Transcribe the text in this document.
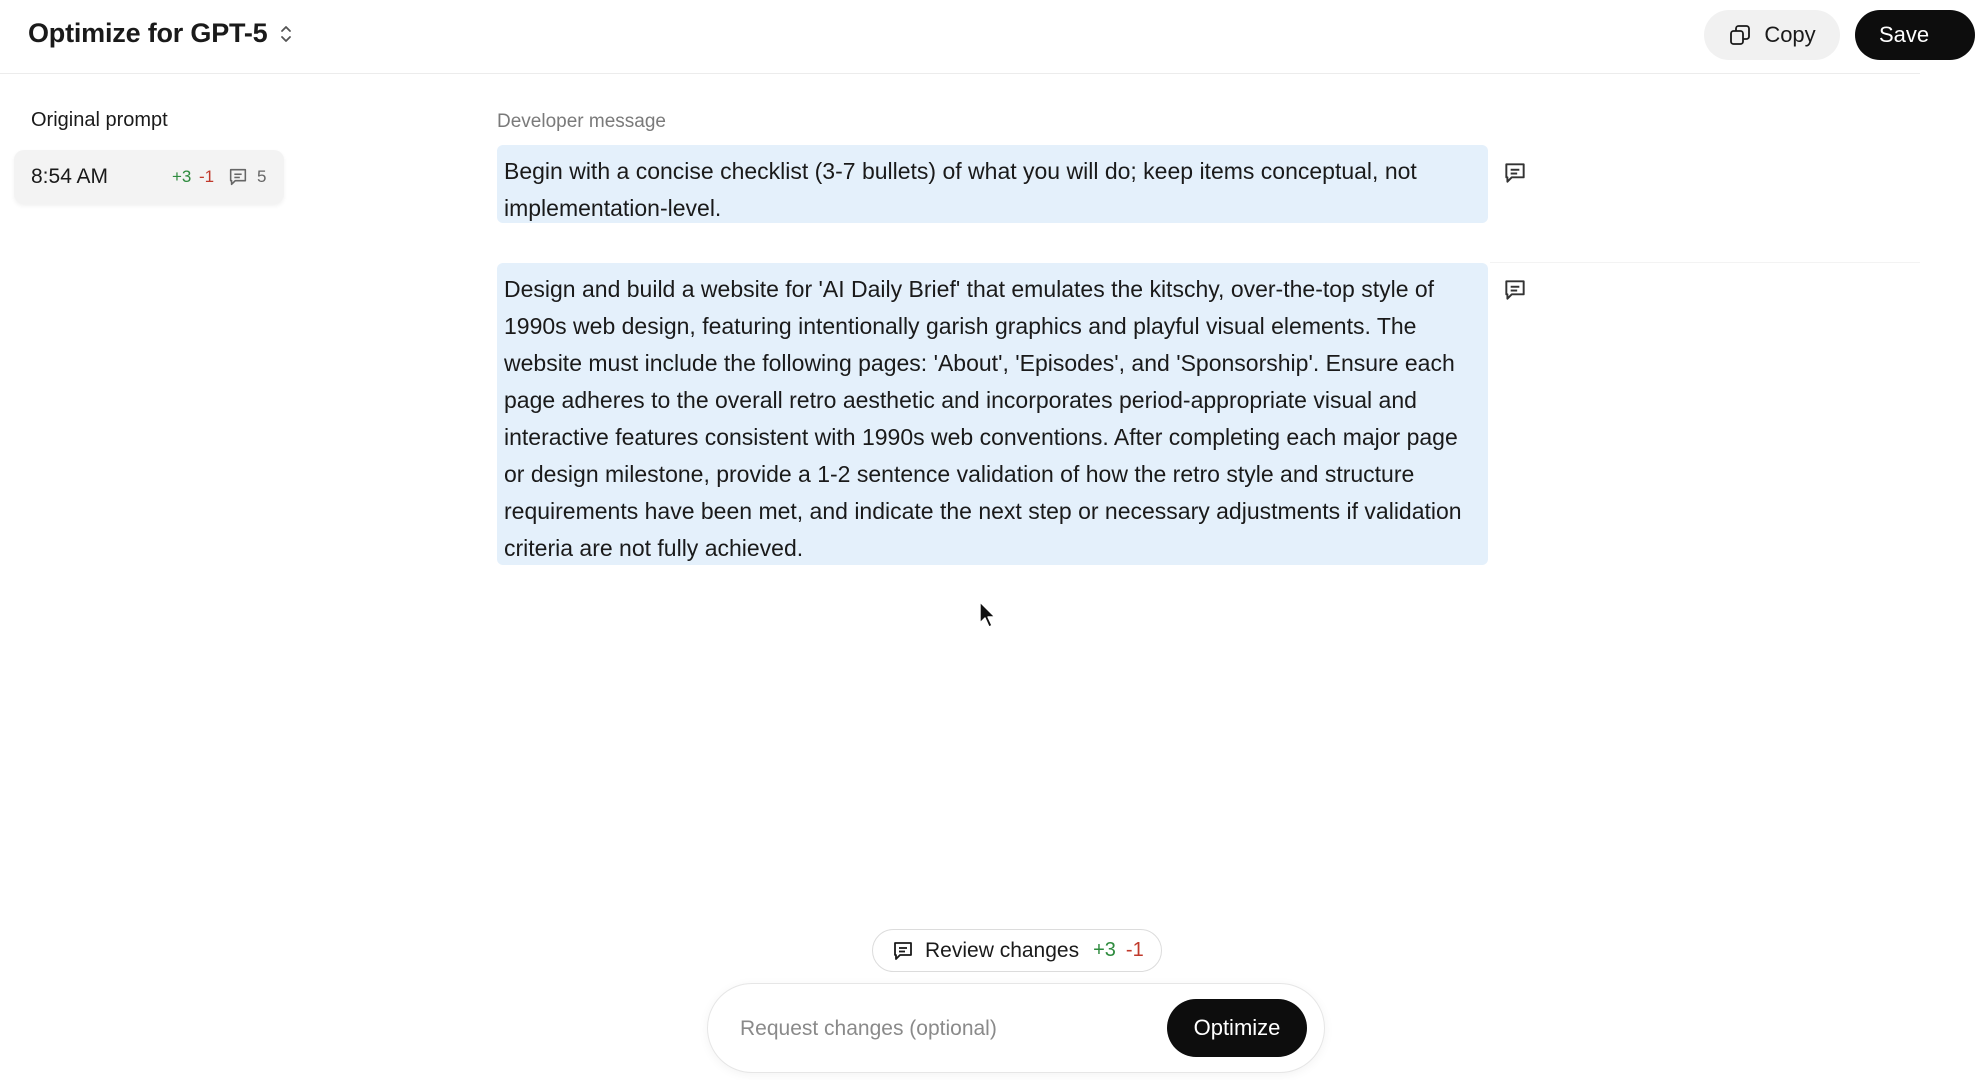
Optimize for GPT-5	Copy	Save
Original prompt
8:54 AM	+3 -1	5
Developer message
Begin with a concise checklist (3-7 bullets) of what you will do; keep items conceptual, not implementation-level.
Design and build a website for 'AI Daily Brief' that emulates the kitschy, over-the-top style of 1990s web design, featuring intentionally garish graphics and playful visual elements. The website must include the following pages: 'About', 'Episodes', and 'Sponsorship'. Ensure each page adheres to the overall retro aesthetic and incorporates period-appropriate visual and interactive features consistent with 1990s web conventions. After completing each major page or design milestone, provide a 1-2 sentence validation of how the retro style and structure requirements have been met, and indicate the next step or necessary adjustments if validation criteria are not fully achieved.
Review changes +3 -1
Request changes (optional)
Optimize
